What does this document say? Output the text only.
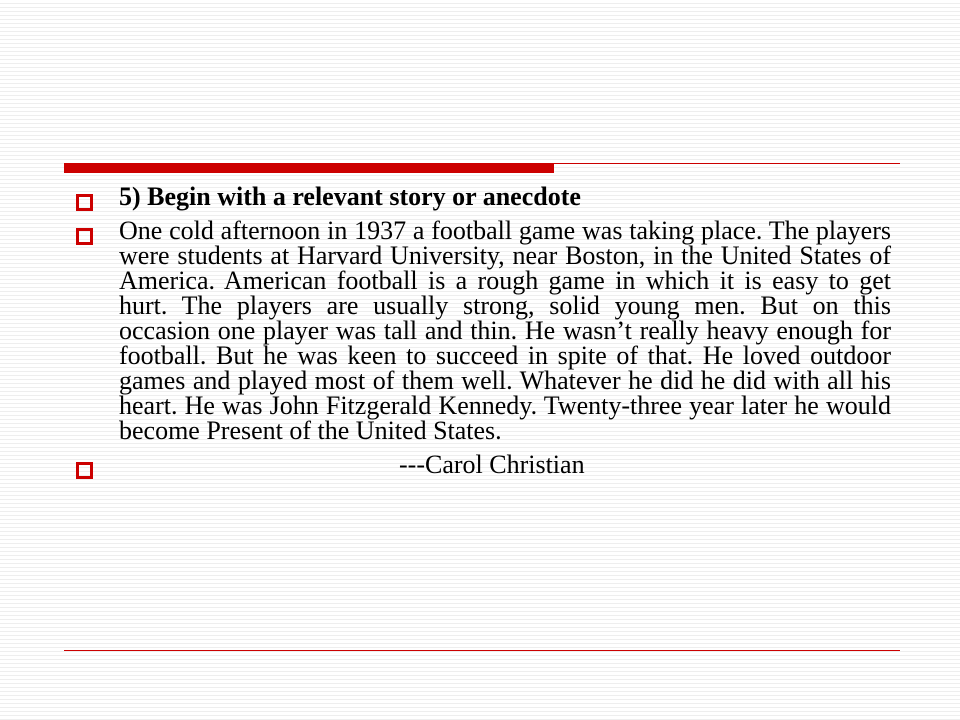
5) Begin with a relevant story or anecdote
One cold afternoon in 1937 a football game was taking place. The players were students at Harvard University, near Boston, in the United States of America. American football is a rough game in which it is easy to get hurt. The players are usually strong, solid young men. But on this occasion one player was tall and thin. He wasn’t really heavy enough for football. But he was keen to succeed in spite of that. He loved outdoor games and played most of them well. Whatever he did he did with all his heart. He was John Fitzgerald Kennedy. Twenty-three year later he would become Present of the United States.
---Carol Christian
